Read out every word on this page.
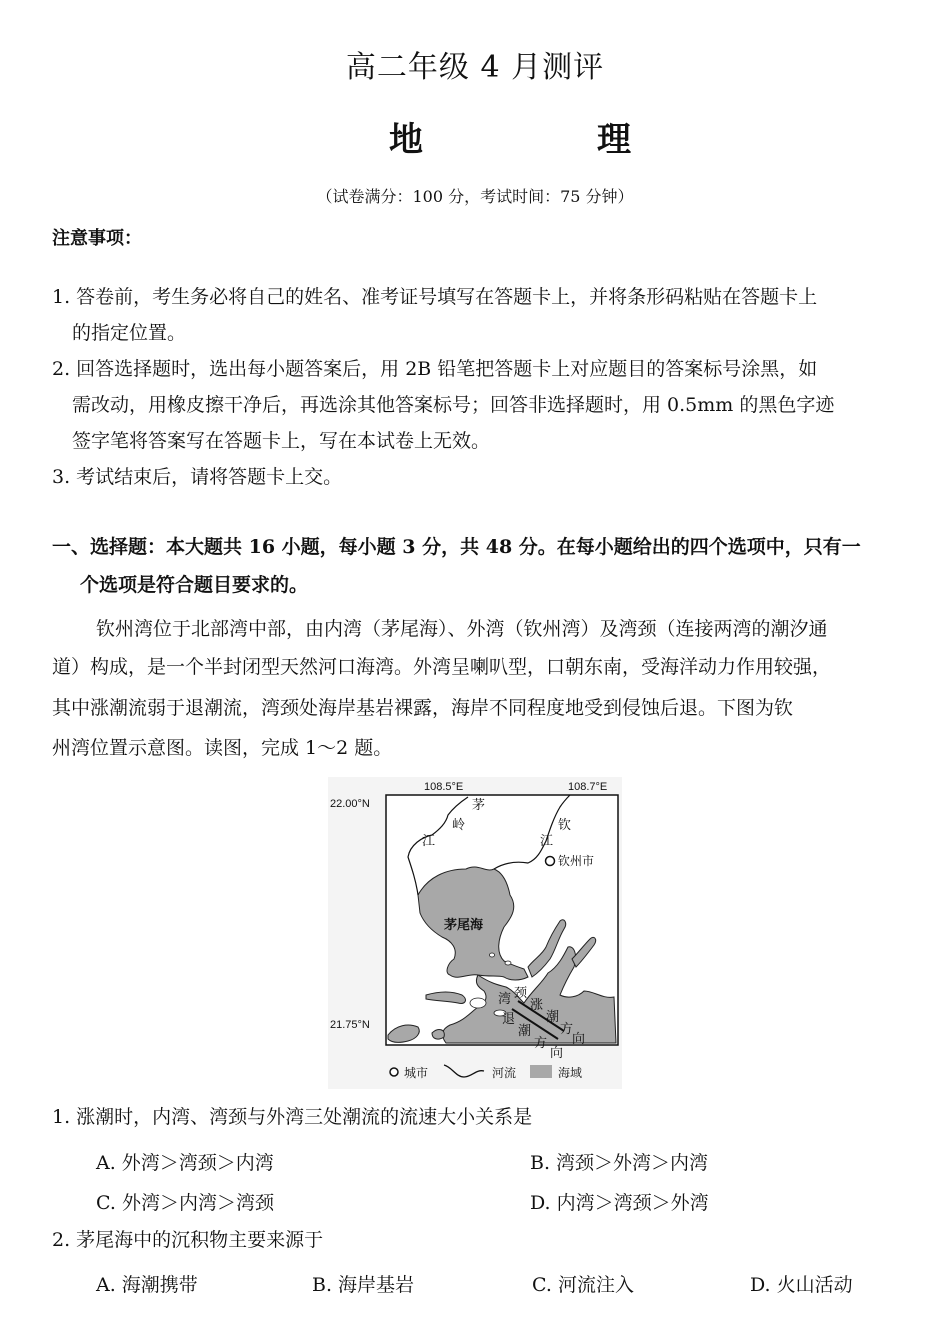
高二年级 4 月测评
地　理
（试卷满分：100 分，考试时间：75 分钟）
注意事项：
1. 答卷前，考生务必将自己的姓名、准考证号填写在答题卡上，并将条形码粘贴在答题卡上
的指定位置。
2. 回答选择题时，选出每小题答案后，用 2B 铅笔把答题卡上对应题目的答案标号涂黑，如
需改动，用橡皮擦干净后，再选涂其他答案标号；回答非选择题时，用 0.5mm 的黑色字迹
签字笔将答案写在答题卡上，写在本试卷上无效。
3. 考试结束后，请将答题卡上交。
一、选择题：本大题共 16 小题，每小题 3 分，共 48 分。在每小题给出的四个选项中，只有一
个选项是符合题目要求的。
钦州湾位于北部湾中部，由内湾（茅尾海）、外湾（钦州湾）及湾颈（连接两湾的潮汐通
道）构成，是一个半封闭型天然河口海湾。外湾呈喇叭型，口朝东南，受海洋动力作用较强，
其中涨潮流弱于退潮流，湾颈处海岸基岩裸露，海岸不同程度地受到侵蚀后退。下图为钦
州湾位置示意图。读图，完成 1～2 题。
108.5°E	108.7°E
22.00°N
21.75°N
茅
岭
江
钦
江
钦州市
茅尾海
湾 颈
涨
潮
方
向
退
潮
方
向
城市	河流	海域
1. 涨潮时，内湾、湾颈与外湾三处潮流的流速大小关系是
A. 外湾＞湾颈＞内湾	B. 湾颈＞外湾＞内湾
C. 外湾＞内湾＞湾颈	D. 内湾＞湾颈＞外湾
2. 茅尾海中的沉积物主要来源于
A. 海潮携带	B. 海岸基岩	C. 河流注入	D. 火山活动
